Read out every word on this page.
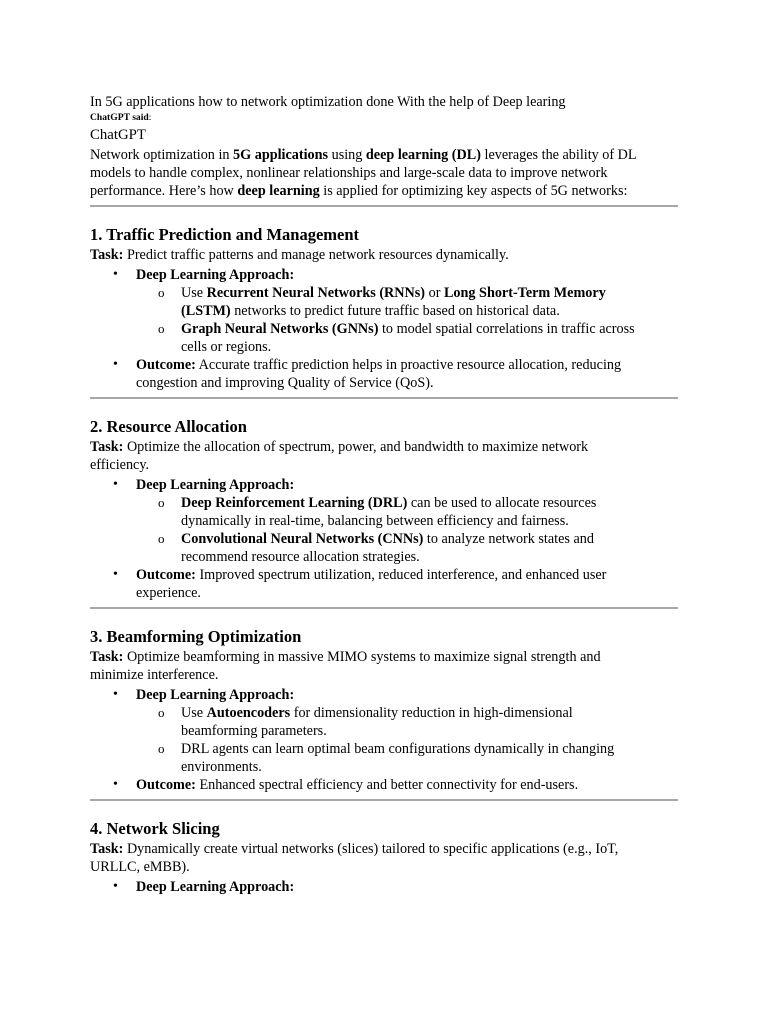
In 5G applications how to network optimization done With the help of Deep learing
ChatGPT said:
ChatGPT
Network optimization in 5G applications using deep learning (DL) leverages the ability of DL
models to handle complex, nonlinear relationships and large-scale data to improve network
performance. Here’s how deep learning is applied for optimizing key aspects of 5G networks:
1. Traffic Prediction and Management
Task: Predict traffic patterns and manage network resources dynamically.
• Deep Learning Approach:
o Use Recurrent Neural Networks (RNNs) or Long Short-Term Memory
(LSTM) networks to predict future traffic based on historical data.
o Graph Neural Networks (GNNs) to model spatial correlations in traffic across
cells or regions.
• Outcome: Accurate traffic prediction helps in proactive resource allocation, reducing
congestion and improving Quality of Service (QoS).
2. Resource Allocation
Task: Optimize the allocation of spectrum, power, and bandwidth to maximize network
efficiency.
• Deep Learning Approach:
o Deep Reinforcement Learning (DRL) can be used to allocate resources
dynamically in real-time, balancing between efficiency and fairness.
o Convolutional Neural Networks (CNNs) to analyze network states and
recommend resource allocation strategies.
• Outcome: Improved spectrum utilization, reduced interference, and enhanced user
experience.
3. Beamforming Optimization
Task: Optimize beamforming in massive MIMO systems to maximize signal strength and
minimize interference.
• Deep Learning Approach:
o Use Autoencoders for dimensionality reduction in high-dimensional
beamforming parameters.
o DRL agents can learn optimal beam configurations dynamically in changing
environments.
• Outcome: Enhanced spectral efficiency and better connectivity for end-users.
4. Network Slicing
Task: Dynamically create virtual networks (slices) tailored to specific applications (e.g., IoT,
URLLC, eMBB).
• Deep Learning Approach:
